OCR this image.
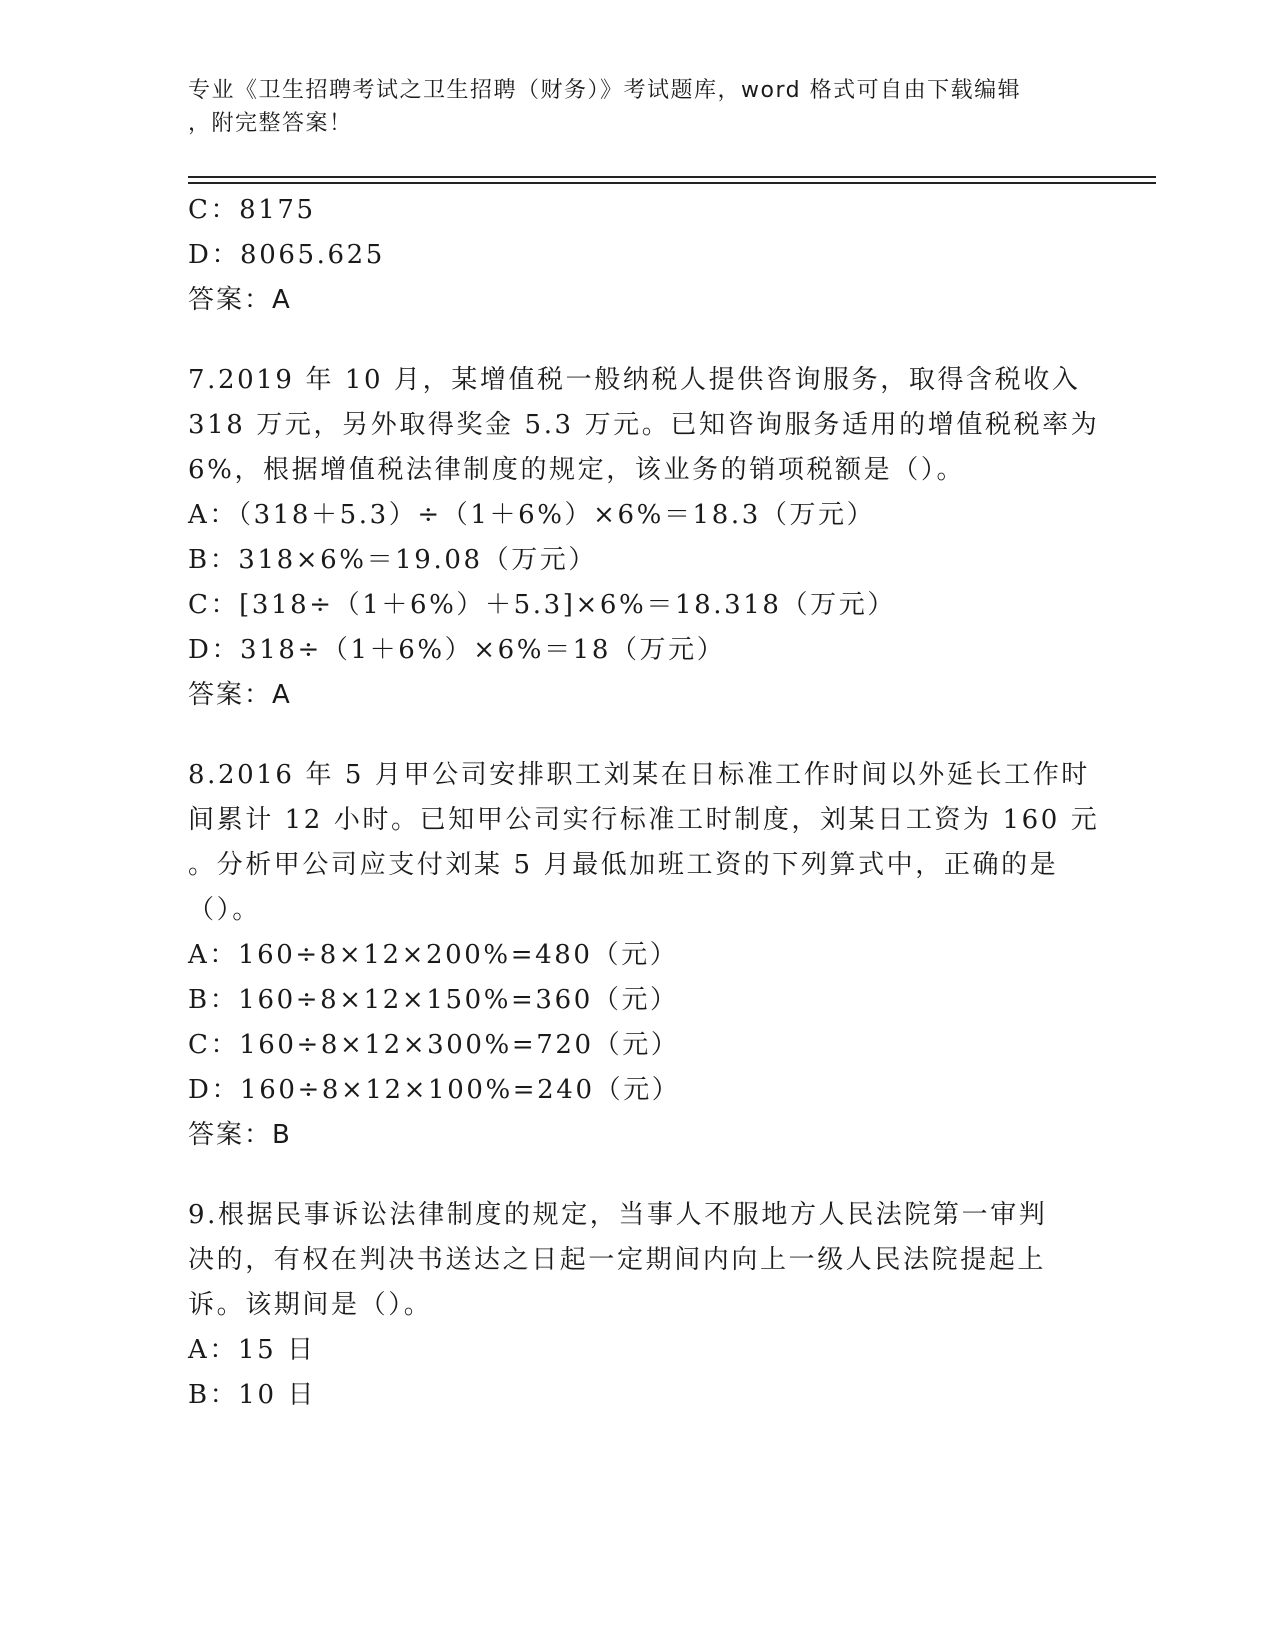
专业《卫生招聘考试之卫生招聘（财务）》考试题库，word 格式可自由下载编辑
，附完整答案！
C：8175
D：8065.625
答案：A
7.2019 年 10 月，某增值税一般纳税人提供咨询服务，取得含税收入
318 万元，另外取得奖金 5.3 万元。已知咨询服务适用的增值税税率为
6%，根据增值税法律制度的规定，该业务的销项税额是（）。
A：（318＋5.3）÷（1＋6%）×6%＝18.3（万元）
B：318×6%＝19.08（万元）
C：[318÷（1＋6%）＋5.3]×6%＝18.318（万元）
D：318÷（1＋6%）×6%＝18（万元）
答案：A
8.2016 年 5 月甲公司安排职工刘某在日标准工作时间以外延长工作时
间累计 12 小时。已知甲公司实行标准工时制度，刘某日工资为 160 元
。分析甲公司应支付刘某 5 月最低加班工资的下列算式中，正确的是
（）。
A：160÷8×12×200%=480（元）
B：160÷8×12×150%=360（元）
C：160÷8×12×300%=720（元）
D：160÷8×12×100%=240（元）
答案：B
9.根据民事诉讼法律制度的规定，当事人不服地方人民法院第一审判
决的，有权在判决书送达之日起一定期间内向上一级人民法院提起上
诉。该期间是（）。
A：15 日
B：10 日
